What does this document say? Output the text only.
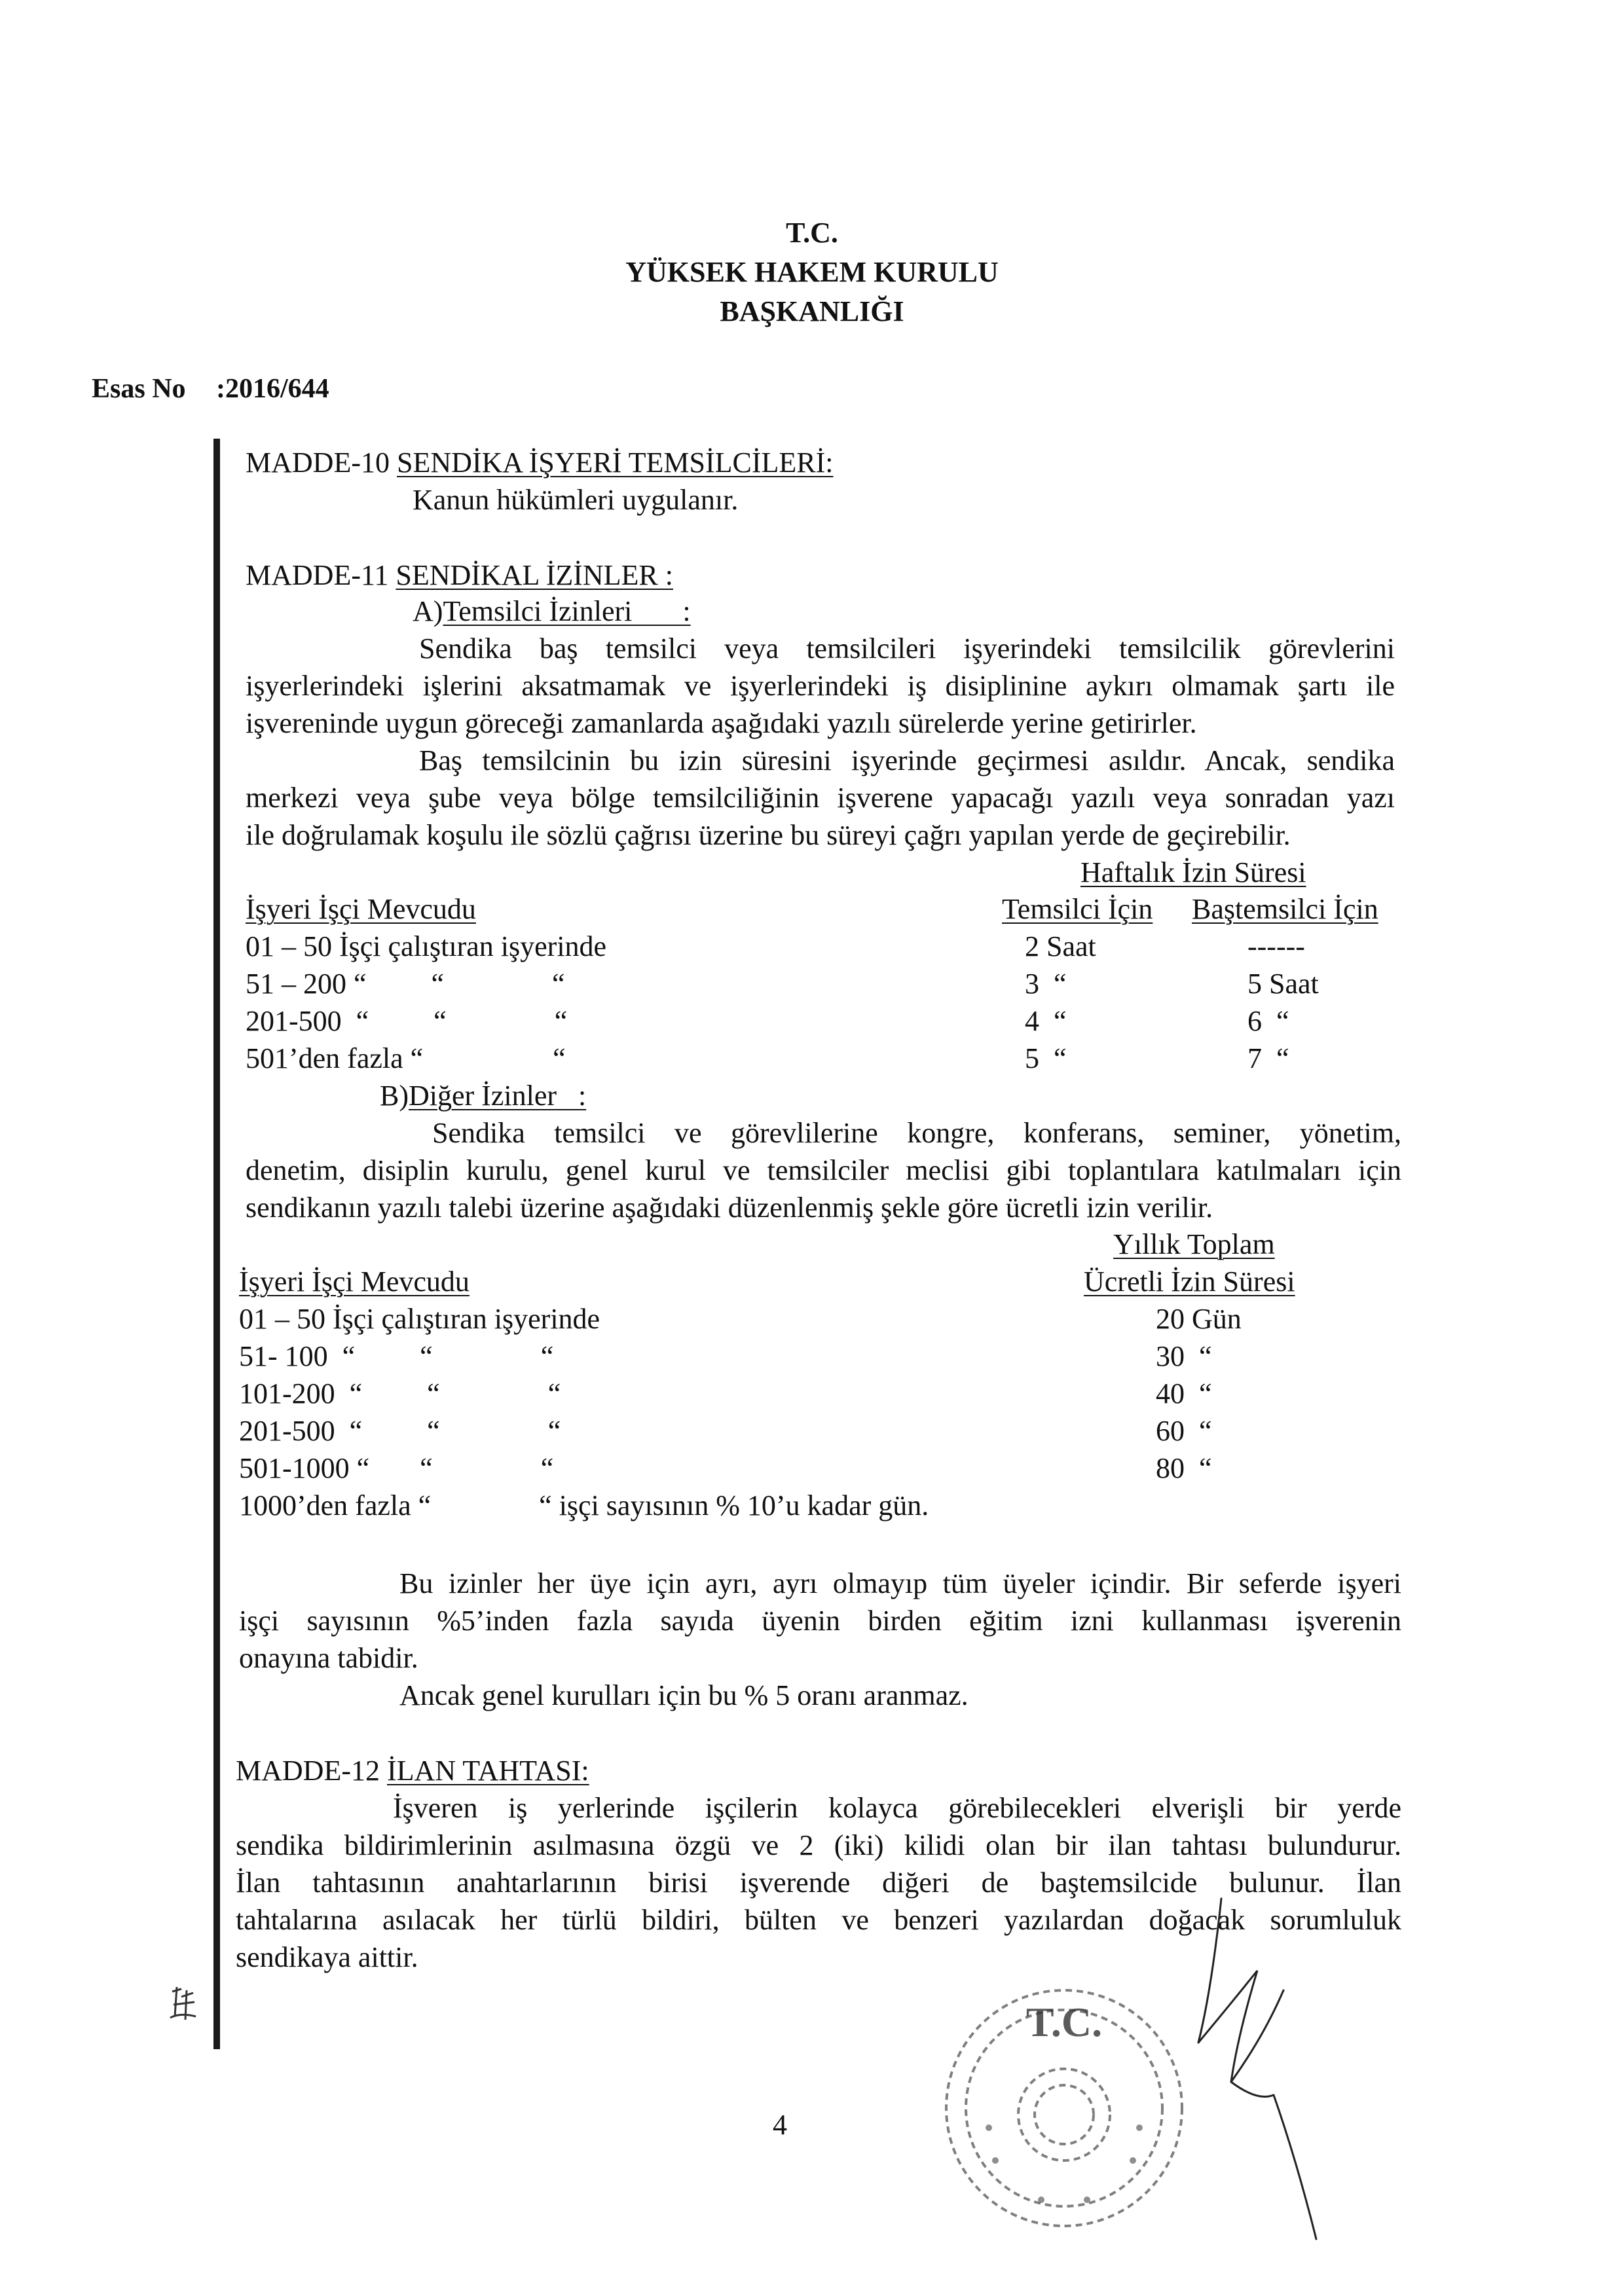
T.C.
YÜKSEK HAKEM KURULU
BAŞKANLIĞI
Esas No :2016/644
MADDE-10 SENDİKA İŞYERİ TEMSİLCİLERİ:
Kanun hükümleri uygulanır.
MADDE-11 SENDİKAL İZİNLER :
A)Temsilci İzinleri       :
Sendika baş temsilci veya temsilcileri işyerindeki temsilcilik görevlerini
işyerlerindeki işlerini aksatmamak ve işyerlerindeki iş disiplinine aykırı olmamak şartı ile
işvereninde uygun göreceği zamanlarda aşağıdaki yazılı sürelerde yerine getirirler.
Baş temsilcinin bu izin süresini işyerinde geçirmesi asıldır. Ancak, sendika
merkezi veya şube veya bölge temsilciliğinin işverene yapacağı yazılı veya sonradan yazı
ile doğrulamak koşulu ile sözlü çağrısı üzerine bu süreyi çağrı yapılan yerde de geçirebilir.
Haftalık İzin Süresi
İşyeri İşçi Mevcudu	Temsilci İçin Baştemsilci İçin
01 – 50 İşçi çalıştıran işyerinde	2 Saat	------
51 – 200 “         “               “	3  “	5 Saat
201-500  “         “               “	4  “	6  “
501’den fazla “                  “	5  “	7  “
B)Diğer İzinler   :
Sendika temsilci ve görevlilerine kongre, konferans, seminer, yönetim,
denetim, disiplin kurulu, genel kurul ve temsilciler meclisi gibi toplantılara katılmaları için
sendikanın yazılı talebi üzerine aşağıdaki düzenlenmiş şekle göre ücretli izin verilir.
Yıllık Toplam
İşyeri İşçi Mevcudu	Ücretli İzin Süresi
01 – 50 İşçi çalıştıran işyerinde	20 Gün
51- 100  “         “               “	30  “
101-200  “         “               “	40  “
201-500  “         “               “	60  “
501-1000 “       “               “	80  “
1000’den fazla “               “ işçi sayısının % 10’u kadar gün.
Bu izinler her üye için ayrı, ayrı olmayıp tüm üyeler içindir. Bir seferde işyeri
işçi sayısının %5’inden fazla sayıda üyenin birden eğitim izni kullanması işverenin
onayına tabidir.
Ancak genel kurulları için bu % 5 oranı aranmaz.
MADDE-12 İLAN TAHTASI:
İşveren iş yerlerinde işçilerin kolayca görebilecekleri elverişli bir yerde
sendika bildirimlerinin asılmasına özgü ve 2 (iki) kilidi olan bir ilan tahtası bulundurur.
İlan tahtasının anahtarlarının birisi işverende diğeri de baştemsilcide bulunur. İlan
tahtalarına asılacak her türlü bildiri, bülten ve benzeri yazılardan doğacak sorumluluk
sendikaya aittir.
T.C.
4
